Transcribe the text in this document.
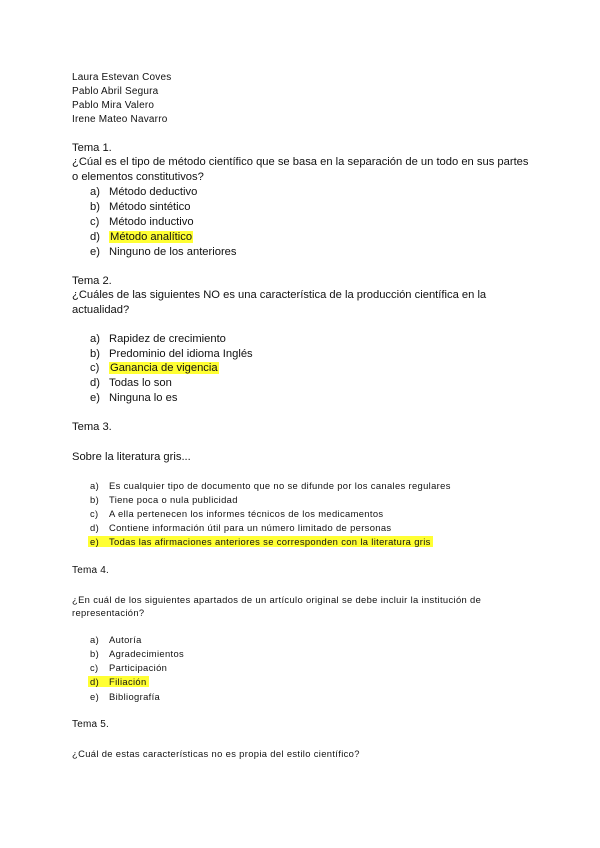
Laura Estevan Coves
Pablo Abril Segura
Pablo Mira Valero
Irene Mateo Navarro
Tema 1.
¿Cúal es el tipo de método científico que se basa en la separación de un todo en sus partes
o elementos constitutivos?
a) Método deductivo
b) Método sintético
c) Método inductivo
d) Método analítico
e) Ninguno de los anteriores
Tema 2.
¿Cuáles de las siguientes NO es una característica de la producción científica en la
actualidad?
a) Rapidez de crecimiento
b) Predominio del idioma Inglés
c) Ganancia de vigencia
d) Todas lo son
e) Ninguna lo es
Tema 3.
Sobre la literatura gris...
a) Es cualquier tipo de documento que no se difunde por los canales regulares
b) Tiene poca o nula publicidad
c) A ella pertenecen los informes técnicos de los medicamentos
d) Contiene información útil para un número limitado de personas
e) Todas las afirmaciones anteriores se corresponden con la literatura gris
Tema 4.
¿En cuál de los siguientes apartados de un artículo original se debe incluir la institución de
representación?
a) Autoría
b) Agradecimientos
c) Participación
d) Filiación
e) Bibliografía
Tema 5.
¿Cuál de estas características no es propia del estilo científico?
